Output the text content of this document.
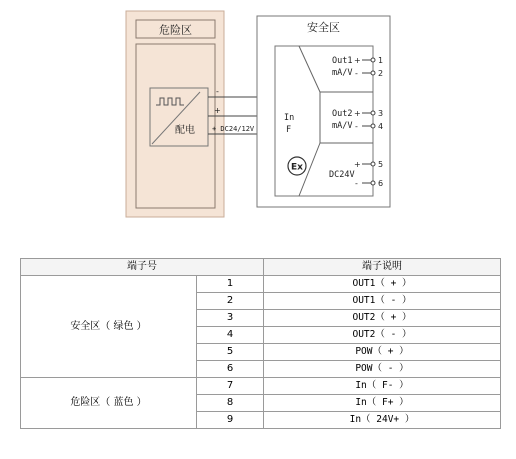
危险区
配电
-
+
+ DC24/12V
安全区
In
F
Ex
Out1
mA/V
+
-
1
2
Out2
mA/V
+
-
3
4
DC24V
+
-
5
6
端子号		端子说明
安全区（ 绿色 ）	1	OUT1（ + ）
	2	OUT1（ - ）
	3	OUT2（ + ）
	4	OUT2（ - ）
	5	POW（ + ）
	6	POW（ - ）
危险区（ 蓝色 ）	7	In（ F- ）
	8	In（ F+ ）
	9	In（ 24V+ ）
